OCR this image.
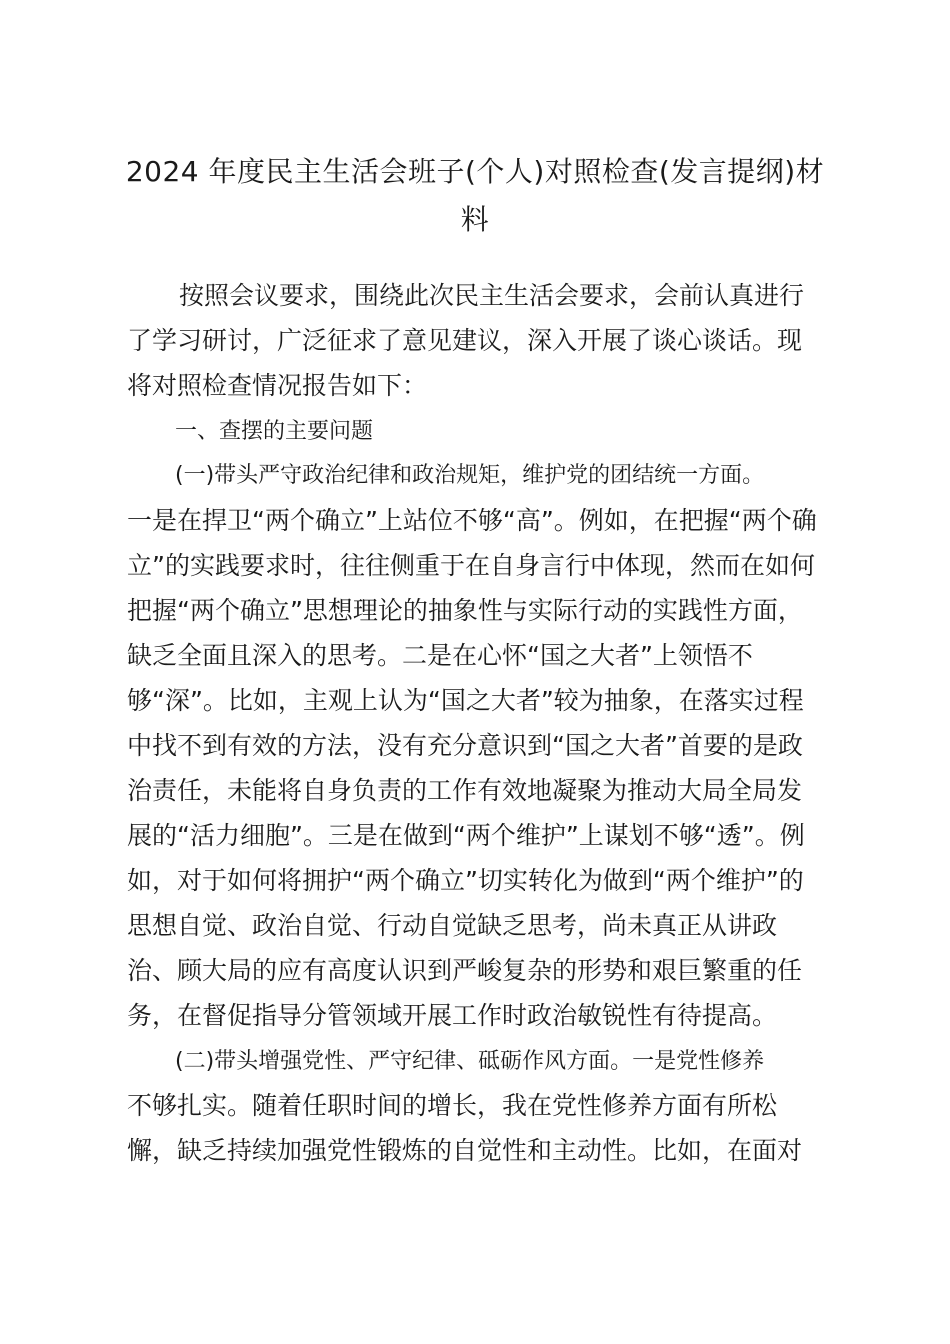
2024 年度民主生活会班子(个人)对照检查(发言提纲)材
料
按照会议要求，围绕此次民主生活会要求，会前认真进行
了学习研讨，广泛征求了意见建议，深入开展了谈心谈话。现
将对照检查情况报告如下：
一、查摆的主要问题
(一)带头严守政治纪律和政治规矩，维护党的团结统一方面。
一是在捍卫“两个确立”上站位不够“高”。例如，在把握“两个确
立”的实践要求时，往往侧重于在自身言行中体现，然而在如何
把握“两个确立”思想理论的抽象性与实际行动的实践性方面，
缺乏全面且深入的思考。二是在心怀“国之大者”上领悟不
够“深”。比如，主观上认为“国之大者”较为抽象，在落实过程
中找不到有效的方法，没有充分意识到“国之大者”首要的是政
治责任，未能将自身负责的工作有效地凝聚为推动大局全局发
展的“活力细胞”。三是在做到“两个维护”上谋划不够“透”。例
如，对于如何将拥护“两个确立”切实转化为做到“两个维护”的
思想自觉、政治自觉、行动自觉缺乏思考，尚未真正从讲政
治、顾大局的应有高度认识到严峻复杂的形势和艰巨繁重的任
务，在督促指导分管领域开展工作时政治敏锐性有待提高。
(二)带头增强党性、严守纪律、砥砺作风方面。一是党性修养
不够扎实。随着任职时间的增长，我在党性修养方面有所松
懈，缺乏持续加强党性锻炼的自觉性和主动性。比如，在面对
